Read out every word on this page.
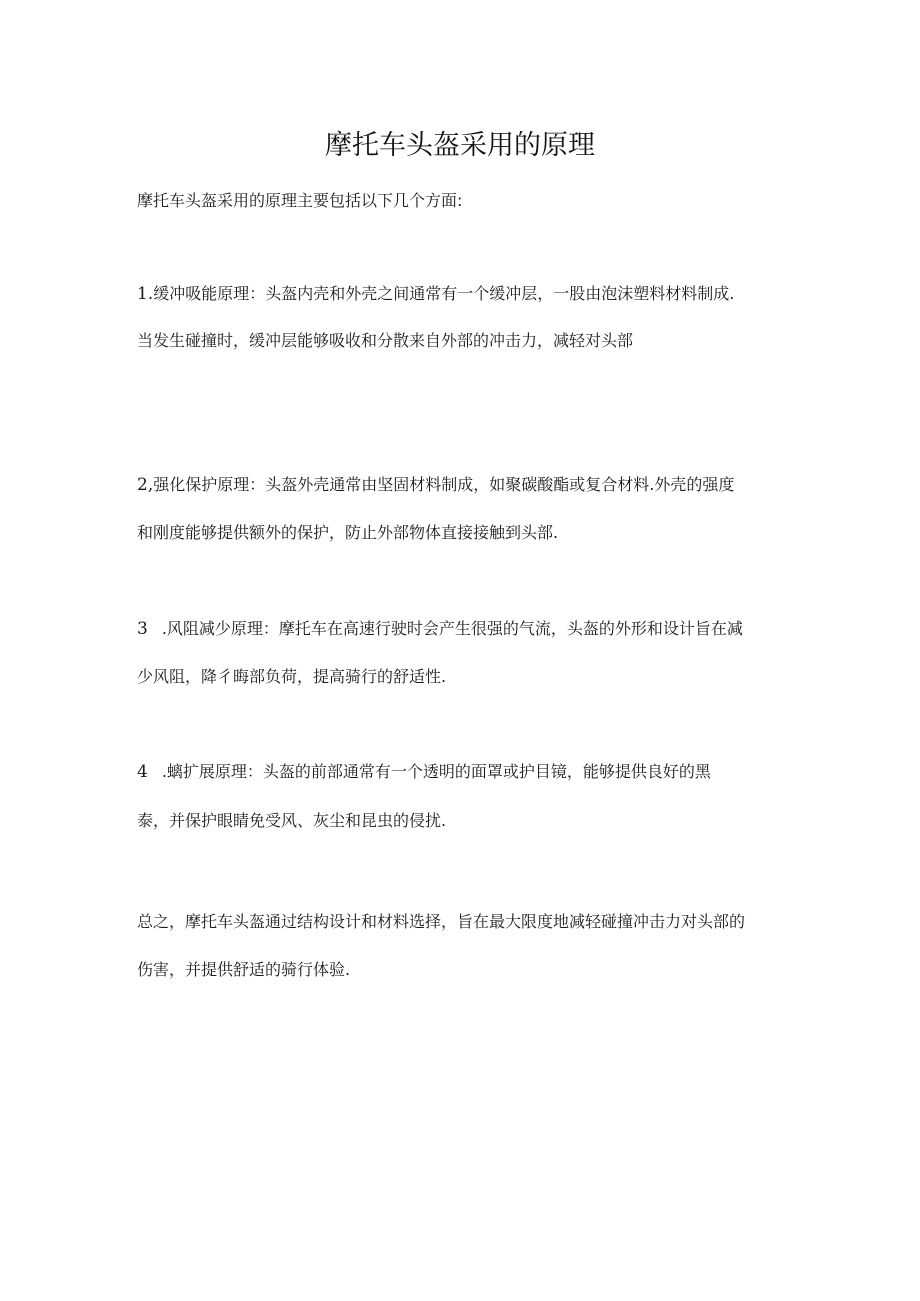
摩托车头盔采用的原理

摩托车头盔采用的原理主要包括以下几个方面:

1.缓冲吸能原理：头盔内壳和外壳之间通常有一个缓冲层，一股由泡沫塑料材料制成.

当发生碰撞时，缓冲层能够吸收和分散来自外部的冲击力，减轻对头部

2,强化保护原理：头盔外壳通常由坚固材料制成，如聚碳酸酯或复合材料.外壳的强度

和刚度能够提供额外的保护，防止外部物体直接接触到头部.

3 .风阻减少原理：摩托车在高速行驶时会产生很强的气流，头盔的外形和设计旨在减

少风阻，降彳晦部负荷，提高骑行的舒适性.

4 .螭扩展原理：头盔的前部通常有一个透明的面罩或护目镜，能够提供良好的黑

泰，并保护眼睛免受风、灰尘和昆虫的侵扰.

总之，摩托车头盔通过结构设计和材料选择，旨在最大限度地减轻碰撞冲击力对头部的

伤害，并提供舒适的骑行体验.
